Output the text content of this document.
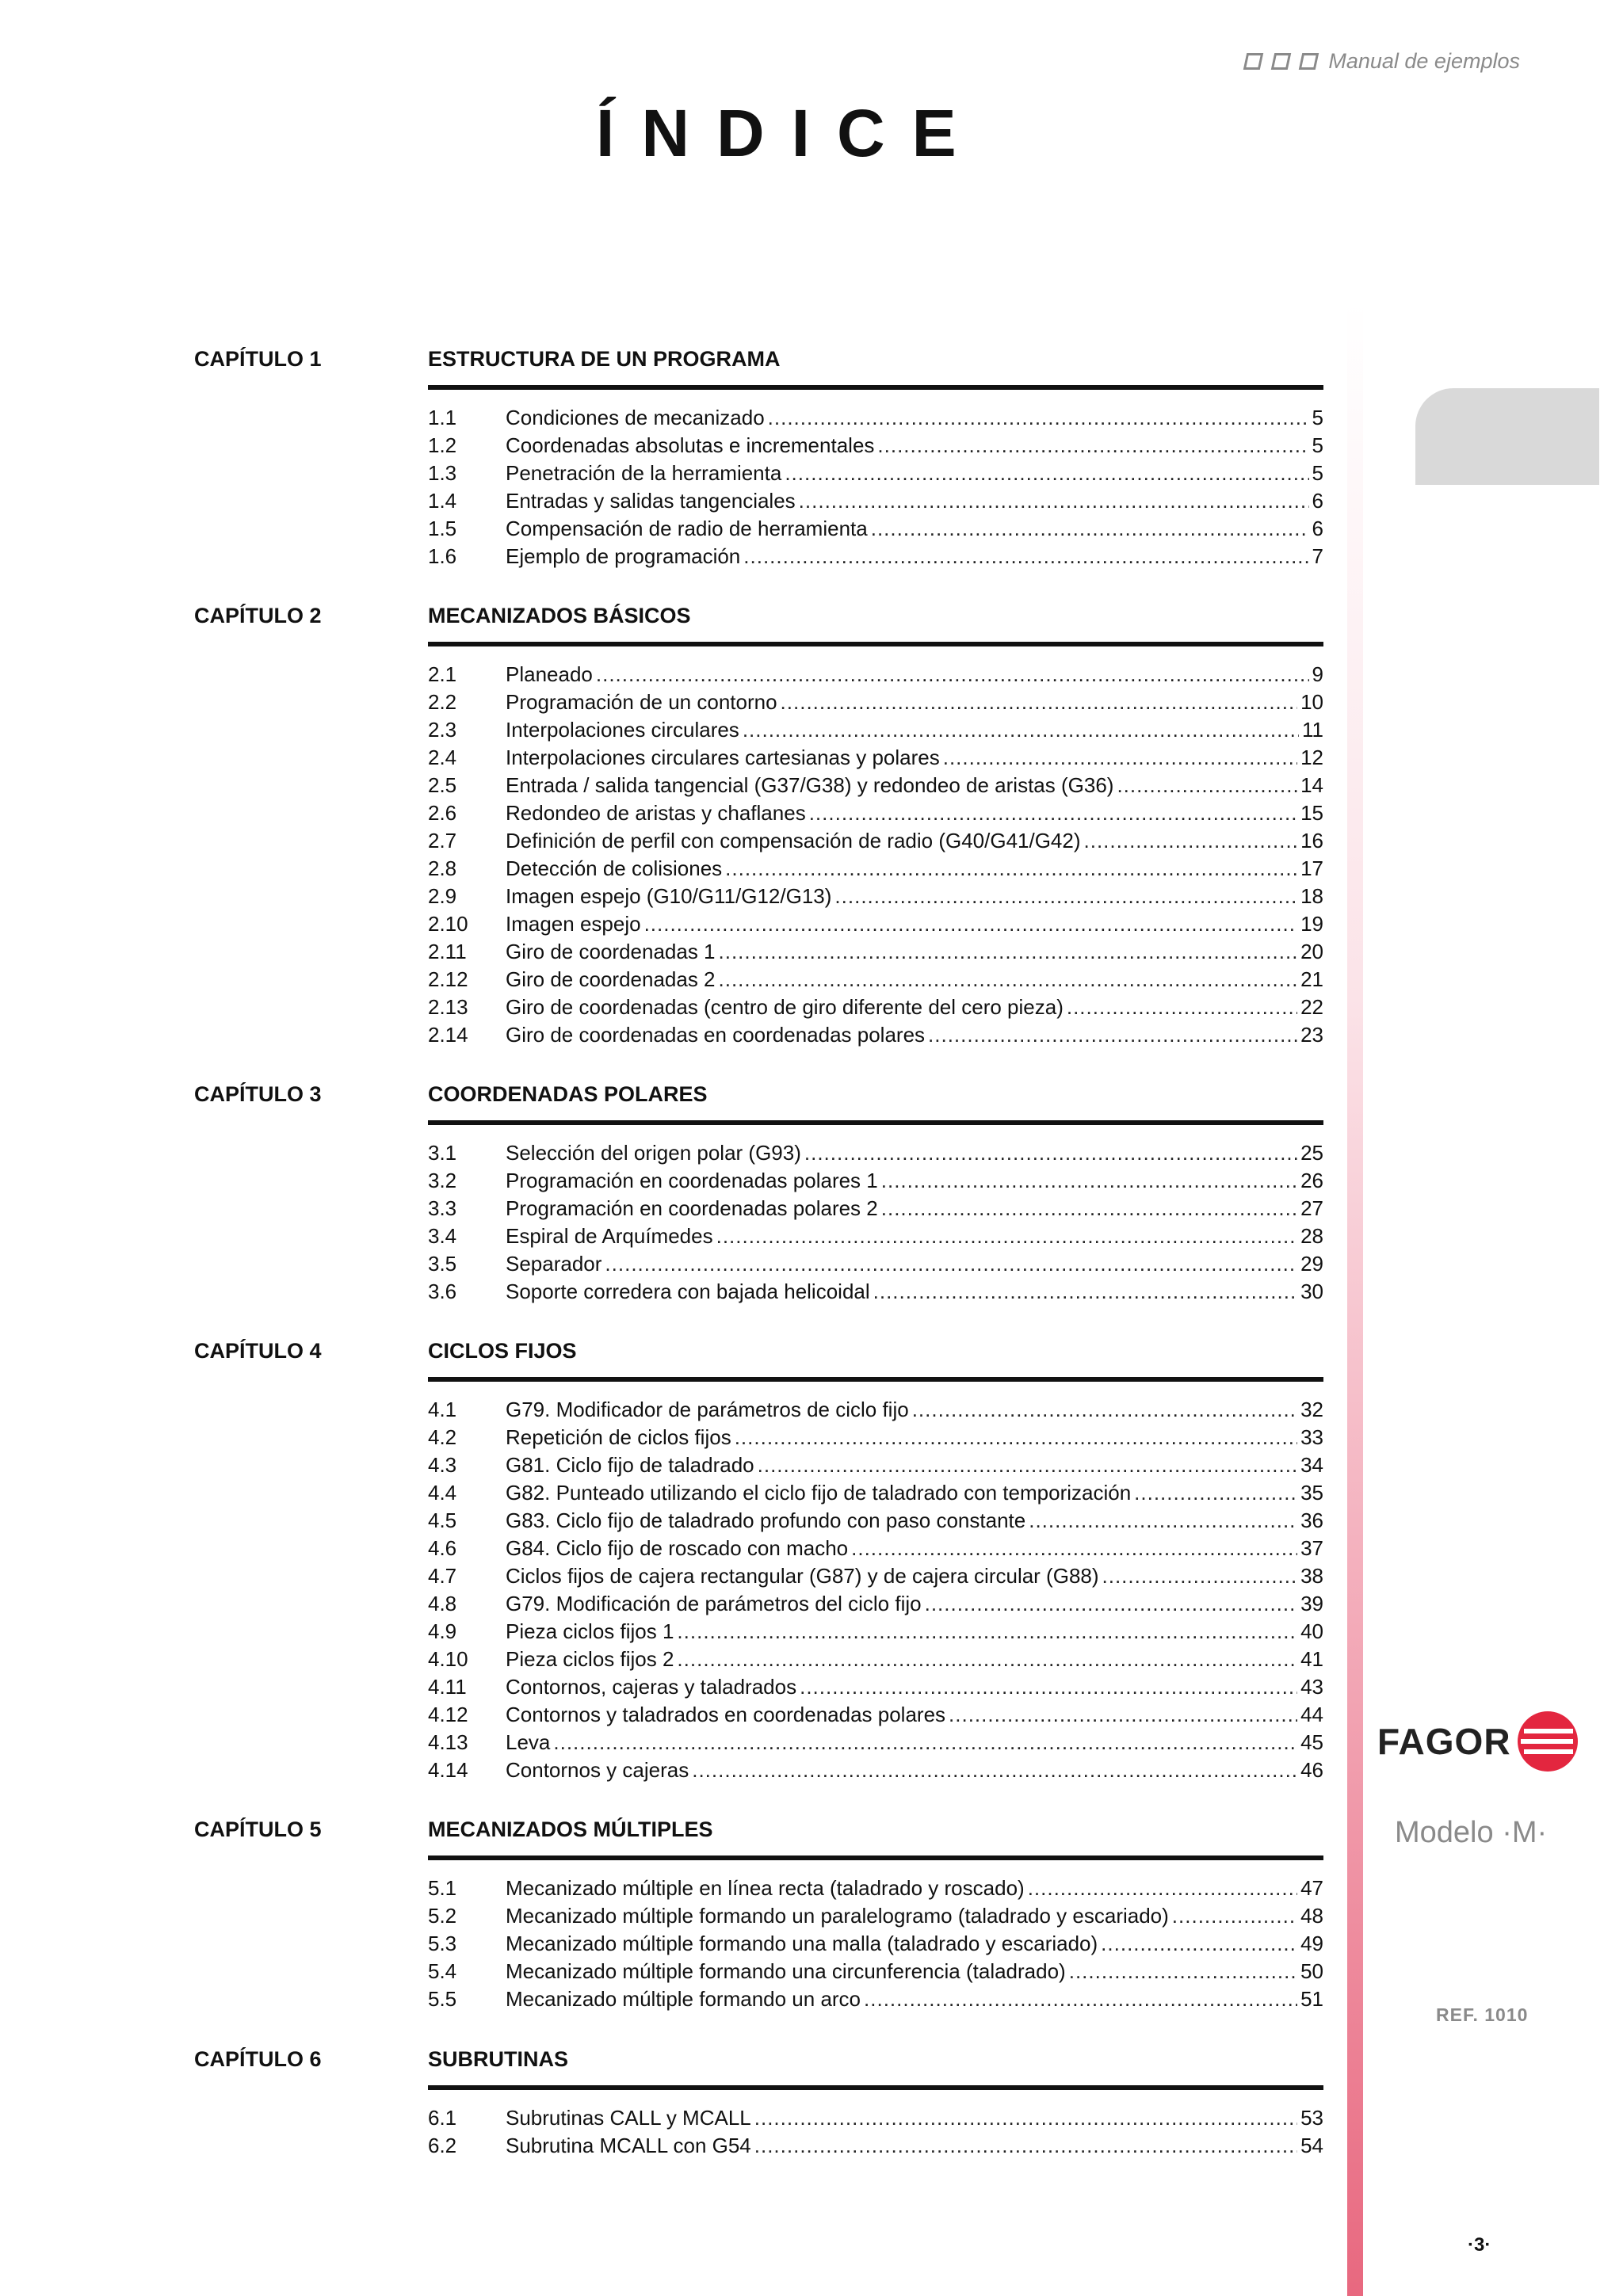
Manual de ejemplos
ÍNDICE
CAPÍTULO 1	ESTRUCTURA DE UN PROGRAMA
1.1	Condiciones de mecanizado .....	5
1.2	Coordenadas absolutas e incrementales .....	5
1.3	Penetración de la herramienta .....	5
1.4	Entradas y salidas tangenciales .....	6
1.5	Compensación de radio de herramienta .....	6
1.6	Ejemplo de programación .....	7
CAPÍTULO 2	MECANIZADOS BÁSICOS
2.1	Planeado .....	9
2.2	Programación de un contorno .....	10
2.3	Interpolaciones circulares .....	11
2.4	Interpolaciones circulares cartesianas y polares .....	12
2.5	Entrada / salida tangencial (G37/G38) y redondeo de aristas (G36) .....	14
2.6	Redondeo de aristas y chaflanes .....	15
2.7	Definición de perfil con compensación de radio (G40/G41/G42) .....	16
2.8	Detección de colisiones .....	17
2.9	Imagen espejo (G10/G11/G12/G13) .....	18
2.10	Imagen espejo .....	19
2.11	Giro de coordenadas 1 .....	20
2.12	Giro de coordenadas 2 .....	21
2.13	Giro de coordenadas (centro de giro diferente del cero pieza) .....	22
2.14	Giro de coordenadas en coordenadas polares .....	23
CAPÍTULO 3	COORDENADAS POLARES
3.1	Selección del origen polar (G93) .....	25
3.2	Programación en coordenadas polares 1 .....	26
3.3	Programación en coordenadas polares 2 .....	27
3.4	Espiral de Arquímedes .....	28
3.5	Separador .....	29
3.6	Soporte corredera con bajada helicoidal .....	30
CAPÍTULO 4	CICLOS FIJOS
4.1	G79. Modificador de parámetros de ciclo fijo .....	32
4.2	Repetición de ciclos fijos .....	33
4.3	G81. Ciclo fijo de taladrado .....	34
4.4	G82. Punteado utilizando el ciclo fijo de taladrado con temporización .....	35
4.5	G83. Ciclo fijo de taladrado profundo con paso constante .....	36
4.6	G84. Ciclo fijo de roscado con macho .....	37
4.7	Ciclos fijos de cajera rectangular (G87) y de cajera circular (G88) .....	38
4.8	G79. Modificación de parámetros del ciclo fijo .....	39
4.9	Pieza ciclos fijos 1 .....	40
4.10	Pieza ciclos fijos 2 .....	41
4.11	Contornos, cajeras y taladrados .....	43
4.12	Contornos y taladrados en coordenadas polares .....	44
4.13	Leva .....	45
4.14	Contornos y cajeras .....	46
CAPÍTULO 5	MECANIZADOS MÚLTIPLES
5.1	Mecanizado múltiple en línea recta (taladrado y roscado) .....	47
5.2	Mecanizado múltiple formando un paralelogramo (taladrado y escariado) .....	48
5.3	Mecanizado múltiple formando una malla (taladrado y escariado) .....	49
5.4	Mecanizado múltiple formando una circunferencia (taladrado) .....	50
5.5	Mecanizado múltiple formando un arco .....	51
CAPÍTULO 6	SUBRUTINAS
6.1	Subrutinas CALL y MCALL .....	53
6.2	Subrutina MCALL con G54 .....	54
FAGOR
Modelo ·M·
REF. 1010
·3·
